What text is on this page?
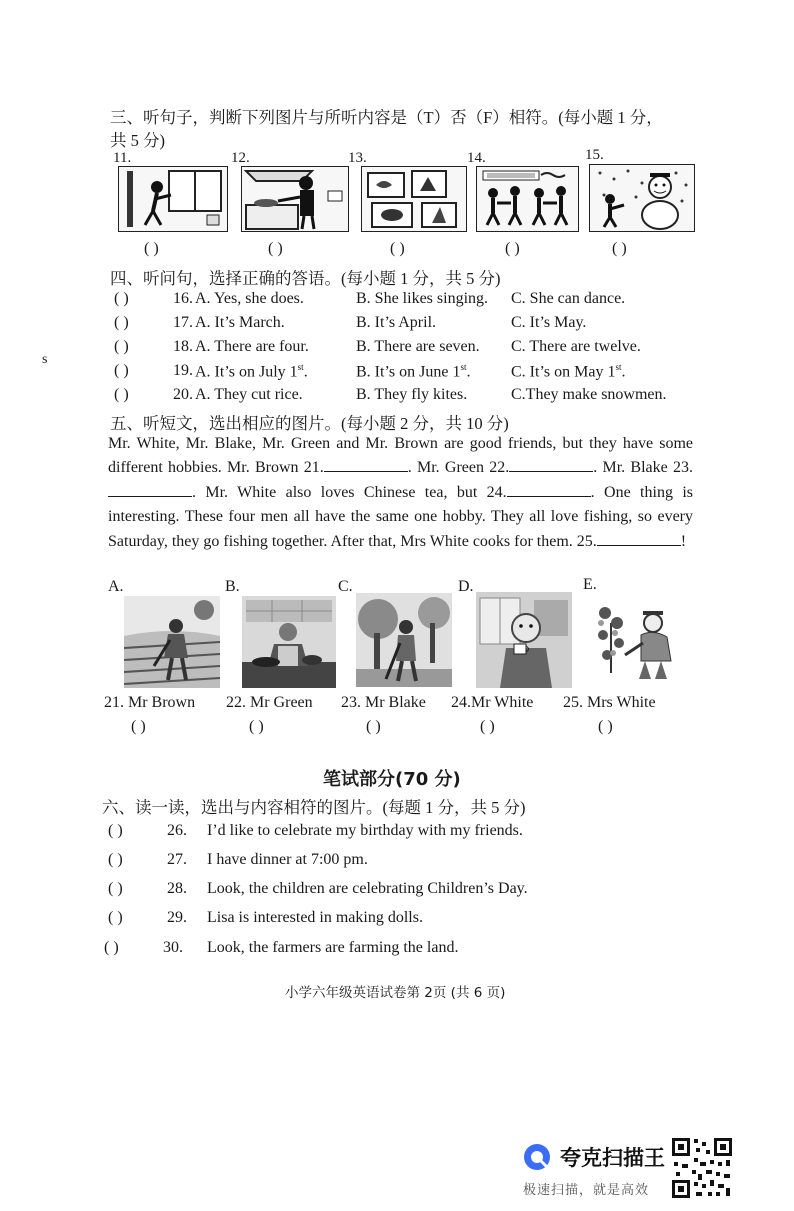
s
三、听句子，判断下列图片与所听内容是（T）否（F）相符。(每小题 1 分，
共 5 分)
11.
( )
12.
( )
13.
( )
14.
( )
15.
( )
四、听问句，选择正确的答语。(每小题 1 分，共 5 分)
( )	16. A. Yes, she does.	B. She likes singing. C. She can dance.
( )	17. A. It’s March.	B. It’s April.	C. It’s May.
( )	18. A. There are four.	B. There are seven. C. There are twelve.
( )	19. A. It’s on July 1st.	B. It’s on June 1st.	C. It’s on May 1st.
( )	20. A. They cut rice.	B. They fly kites.	C.They make snowmen.
五、听短文，选出相应的图片。(每小题 2 分，共 10 分)
Mr. White, Mr. Blake, Mr. Green and Mr. Brown are good friends, but they have some different hobbies. Mr. Brown 21.	. Mr. Green 22.	. Mr. Blake 23.. Mr. White also loves Chinese tea, but 24.	. One thing is interesting. These four men all have the same one hobby. They all love fishing, so every Saturday, they go fishing together. After that, Mrs White cooks for them. 25.	!
A.	B.	C.	D.	E.
21. Mr Brown 22. Mr Green 23. Mr Blake 24.Mr White 25. Mrs White
( )	( )	( )	( )	( )
笔试部分(70 分)
六、读一读，选出与内容相符的图片。(每题 1 分，共 5 分)
( )	26. I’d like to celebrate my birthday with my friends.
( )	27. I have dinner at 7:00 pm.
( )	28. Look, the children are celebrating Children’s Day.
( )	29. Lisa is interested in making dolls.
( )	30. Look, the farmers are farming the land.
小学六年级英语试卷第 2页 (共 6 页)
夸克扫描王
极速扫描，就是高效
